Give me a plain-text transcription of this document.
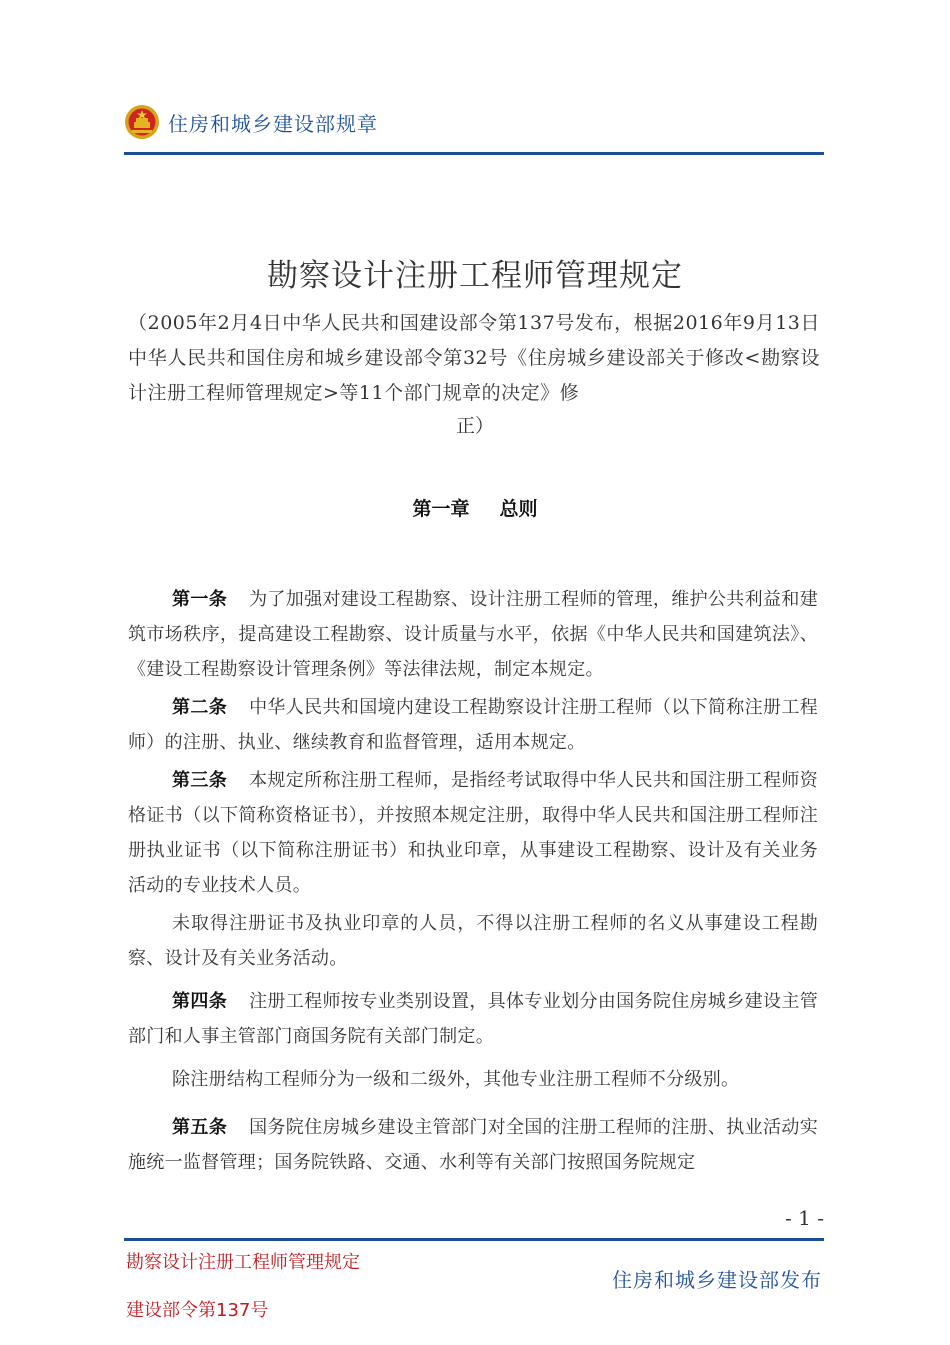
住房和城乡建设部规章
勘察设计注册工程师管理规定
（2005年2月4日中华人民共和国建设部令第137号发布，根据2016年9月13日中华人民共和国住房和城乡建设部令第32号《住房城乡建设部关于修改<勘察设计注册工程师管理规定>等11个部门规章的决定》修
正）
第一章 总则
第一条 为了加强对建设工程勘察、设计注册工程师的管理，维护公共利益和建筑市场秩序，提高建设工程勘察、设计质量与水平，依据《中华人民共和国建筑法》、《建设工程勘察设计管理条例》等法律法规，制定本规定。
第二条 中华人民共和国境内建设工程勘察设计注册工程师（以下简称注册工程师）的注册、执业、继续教育和监督管理，适用本规定。
第三条 本规定所称注册工程师，是指经考试取得中华人民共和国注册工程师资格证书（以下简称资格证书），并按照本规定注册，取得中华人民共和国注册工程师注册执业证书（以下简称注册证书）和执业印章，从事建设工程勘察、设计及有关业务活动的专业技术人员。
未取得注册证书及执业印章的人员，不得以注册工程师的名义从事建设工程勘察、设计及有关业务活动。
第四条 注册工程师按专业类别设置，具体专业划分由国务院住房城乡建设主管部门和人事主管部门商国务院有关部门制定。
除注册结构工程师分为一级和二级外，其他专业注册工程师不分级别。
第五条 国务院住房城乡建设主管部门对全国的注册工程师的注册、执业活动实施统一监督管理；国务院铁路、交通、水利等有关部门按照国务院规定
- 1 -
勘察设计注册工程师管理规定
建设部令第137号
住房和城乡建设部发布
